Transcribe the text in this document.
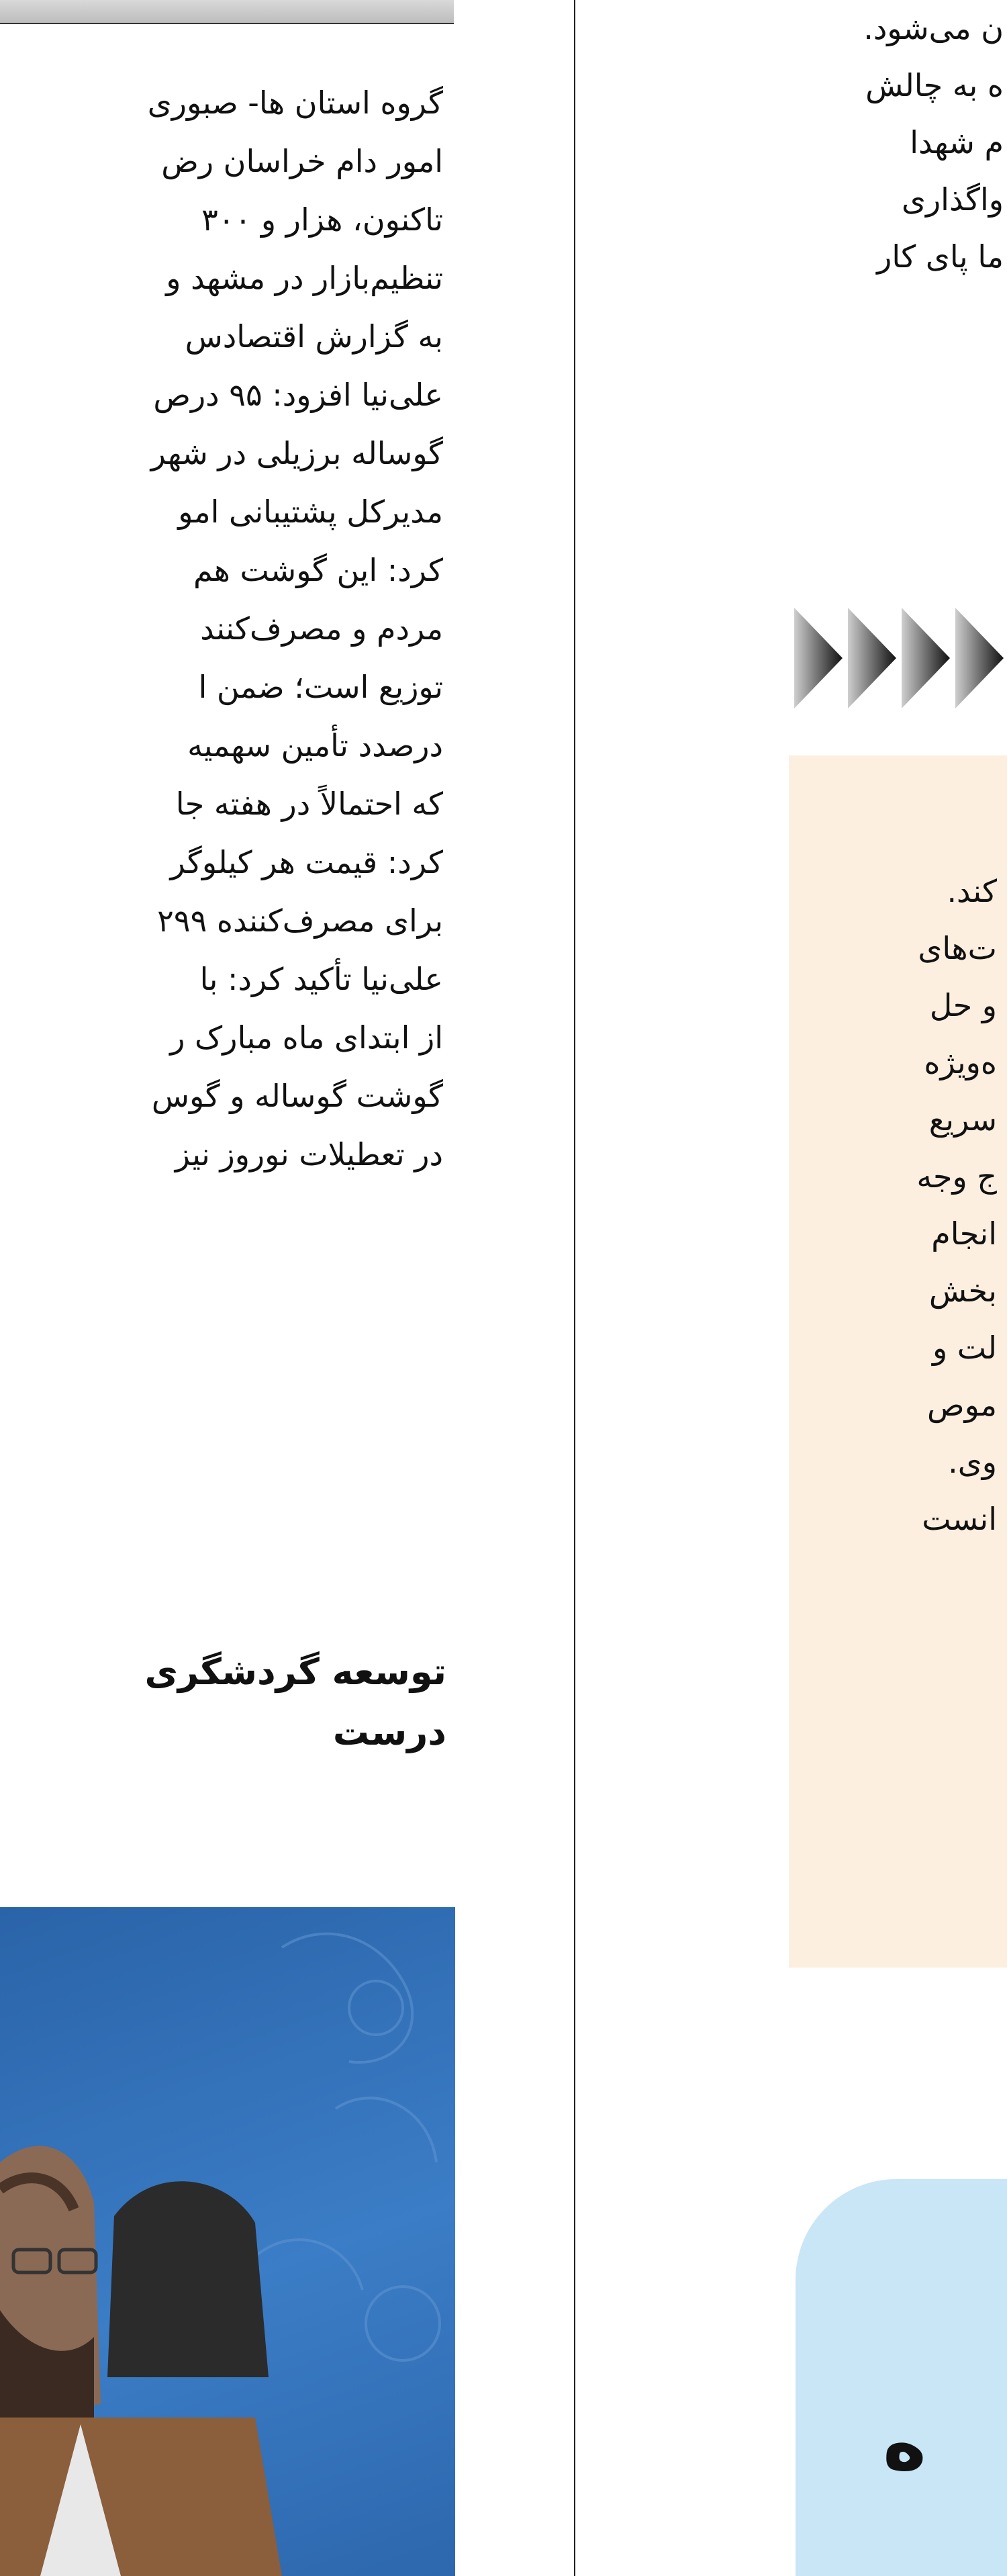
گروه استان ها- صبوری
امور دام خراسان رض
تاکنون، هزار و ۳۰۰
تنظیم‌بازار در مشهد و
به گزارش اقتصادس
علی‌نیا افزود: ۹۵ درص
گوساله برزیلی در شهر
مدیرکل پشتیبانی امو
کرد: این گوشت هم
مردم و مصرف‌کنند
توزیع است؛ ضمن ا
درصدد تأمین سهمیه
که احتمالاً در هفته جا
کرد: قیمت هر کیلوگر
برای مصرف‌کننده ۲۹۹
علی‌نیا تأکید کرد: با
از ابتدای ماه مبارک ر
گوشت گوساله و گوس
در تعطیلات نوروز نیز
توسعه گردشگری
درست
ن می‌شود.
ه به چالش
م شهدا
واگذاری
ما پای کار
کند.
ت‌های
و حل
ه‌ویژه
سریع
ج وجه
انجام
بخش
لت و
موص
وی.
انست
ه
